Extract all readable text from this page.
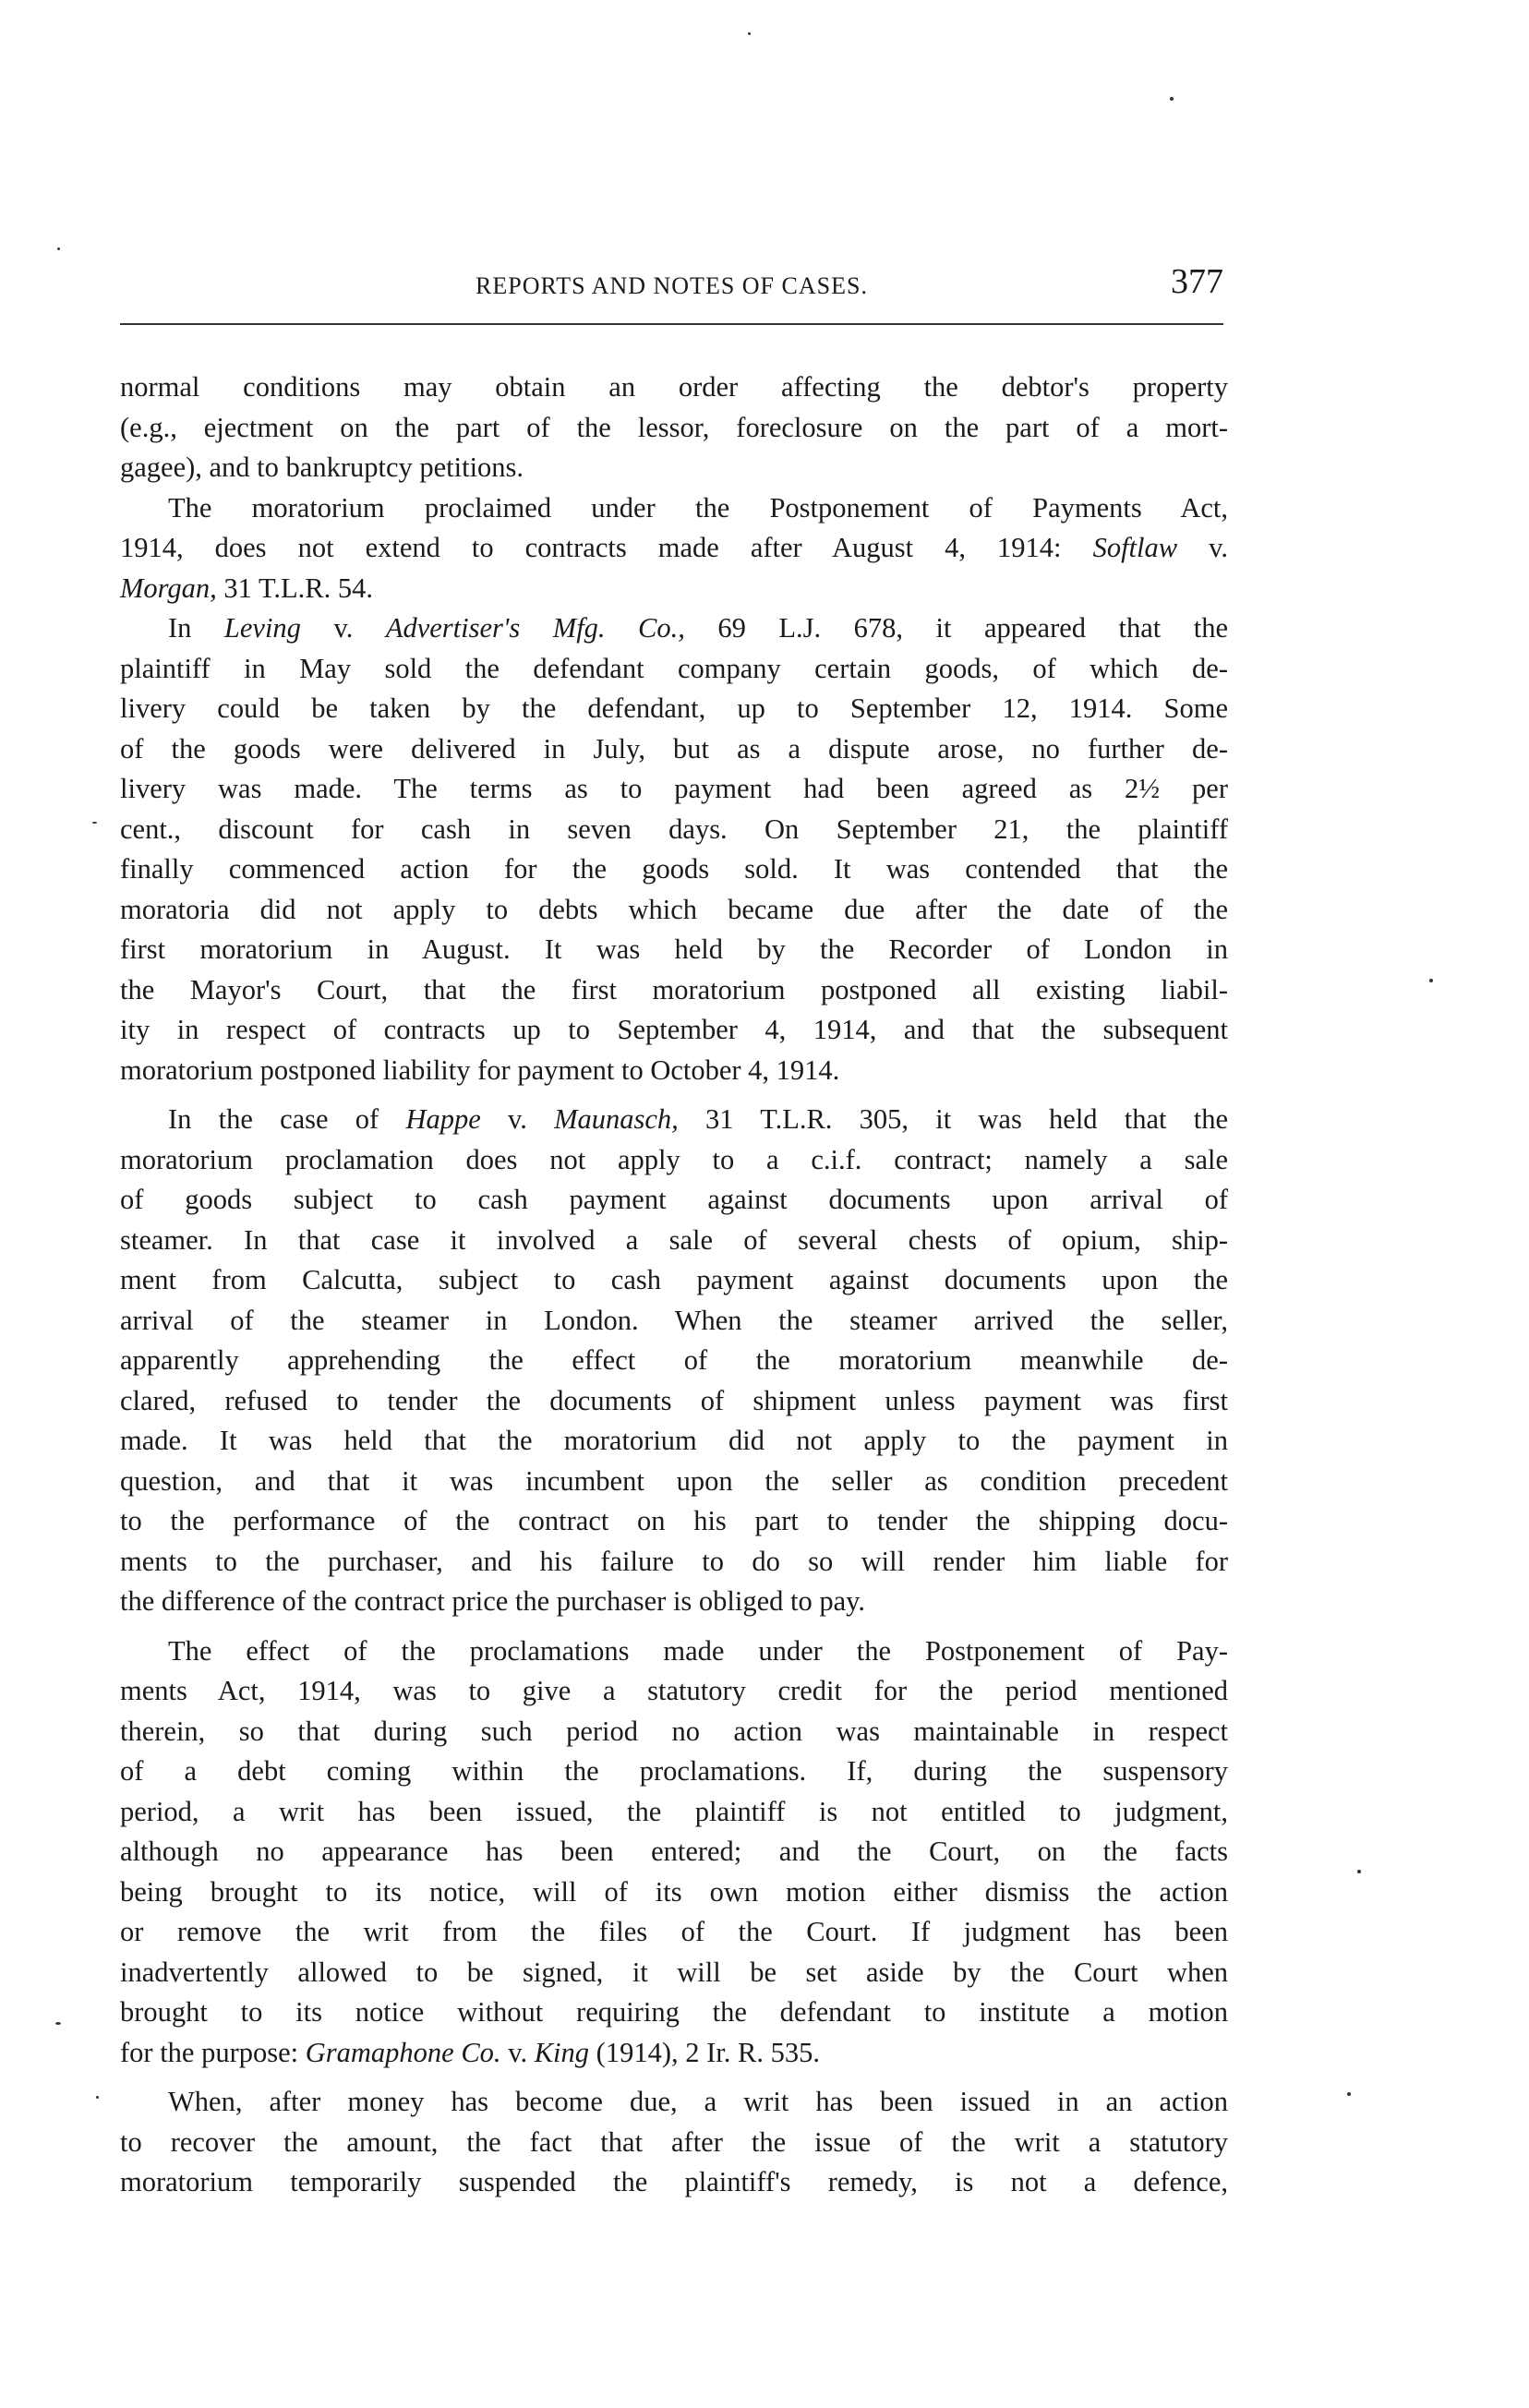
REPORTS AND NOTES OF CASES.	377
normal conditions may obtain an order affecting the debtor's property
(e.g., ejectment on the part of the lessor, foreclosure on the part of a mort-
gagee), and to bankruptcy petitions.
The moratorium proclaimed under the Postponement of Payments Act,
1914, does not extend to contracts made after August 4, 1914: Softlaw v.
Morgan, 31 T.L.R. 54.
In Leving v. Advertiser's Mfg. Co., 69 L.J. 678, it appeared that the
plaintiff in May sold the defendant company certain goods, of which de-
livery could be taken by the defendant, up to September 12, 1914. Some
of the goods were delivered in July, but as a dispute arose, no further de-
livery was made. The terms as to payment had been agreed as 2½ per
cent., discount for cash in seven days. On September 21, the plaintiff
finally commenced action for the goods sold. It was contended that the
moratoria did not apply to debts which became due after the date of the
first moratorium in August. It was held by the Recorder of London in
the Mayor's Court, that the first moratorium postponed all existing liabil-
ity in respect of contracts up to September 4, 1914, and that the subsequent
moratorium postponed liability for payment to October 4, 1914.
In the case of Happe v. Maunasch, 31 T.L.R. 305, it was held that the
moratorium proclamation does not apply to a c.i.f. contract; namely a sale
of goods subject to cash payment against documents upon arrival of
steamer. In that case it involved a sale of several chests of opium, ship-
ment from Calcutta, subject to cash payment against documents upon the
arrival of the steamer in London. When the steamer arrived the seller,
apparently apprehending the effect of the moratorium meanwhile de-
clared, refused to tender the documents of shipment unless payment was first
made. It was held that the moratorium did not apply to the payment in
question, and that it was incumbent upon the seller as condition precedent
to the performance of the contract on his part to tender the shipping docu-
ments to the purchaser, and his failure to do so will render him liable for
the difference of the contract price the purchaser is obliged to pay.
The effect of the proclamations made under the Postponement of Pay-
ments Act, 1914, was to give a statutory credit for the period mentioned
therein, so that during such period no action was maintainable in respect
of a debt coming within the proclamations. If, during the suspensory
period, a writ has been issued, the plaintiff is not entitled to judgment,
although no appearance has been entered; and the Court, on the facts
being brought to its notice, will of its own motion either dismiss the action
or remove the writ from the files of the Court. If judgment has been
inadvertently allowed to be signed, it will be set aside by the Court when
brought to its notice without requiring the defendant to institute a motion
for the purpose: Gramaphone Co. v. King (1914), 2 Ir. R. 535.
When, after money has become due, a writ has been issued in an action
to recover the amount, the fact that after the issue of the writ a statutory
moratorium temporarily suspended the plaintiff's remedy, is not a defence,
